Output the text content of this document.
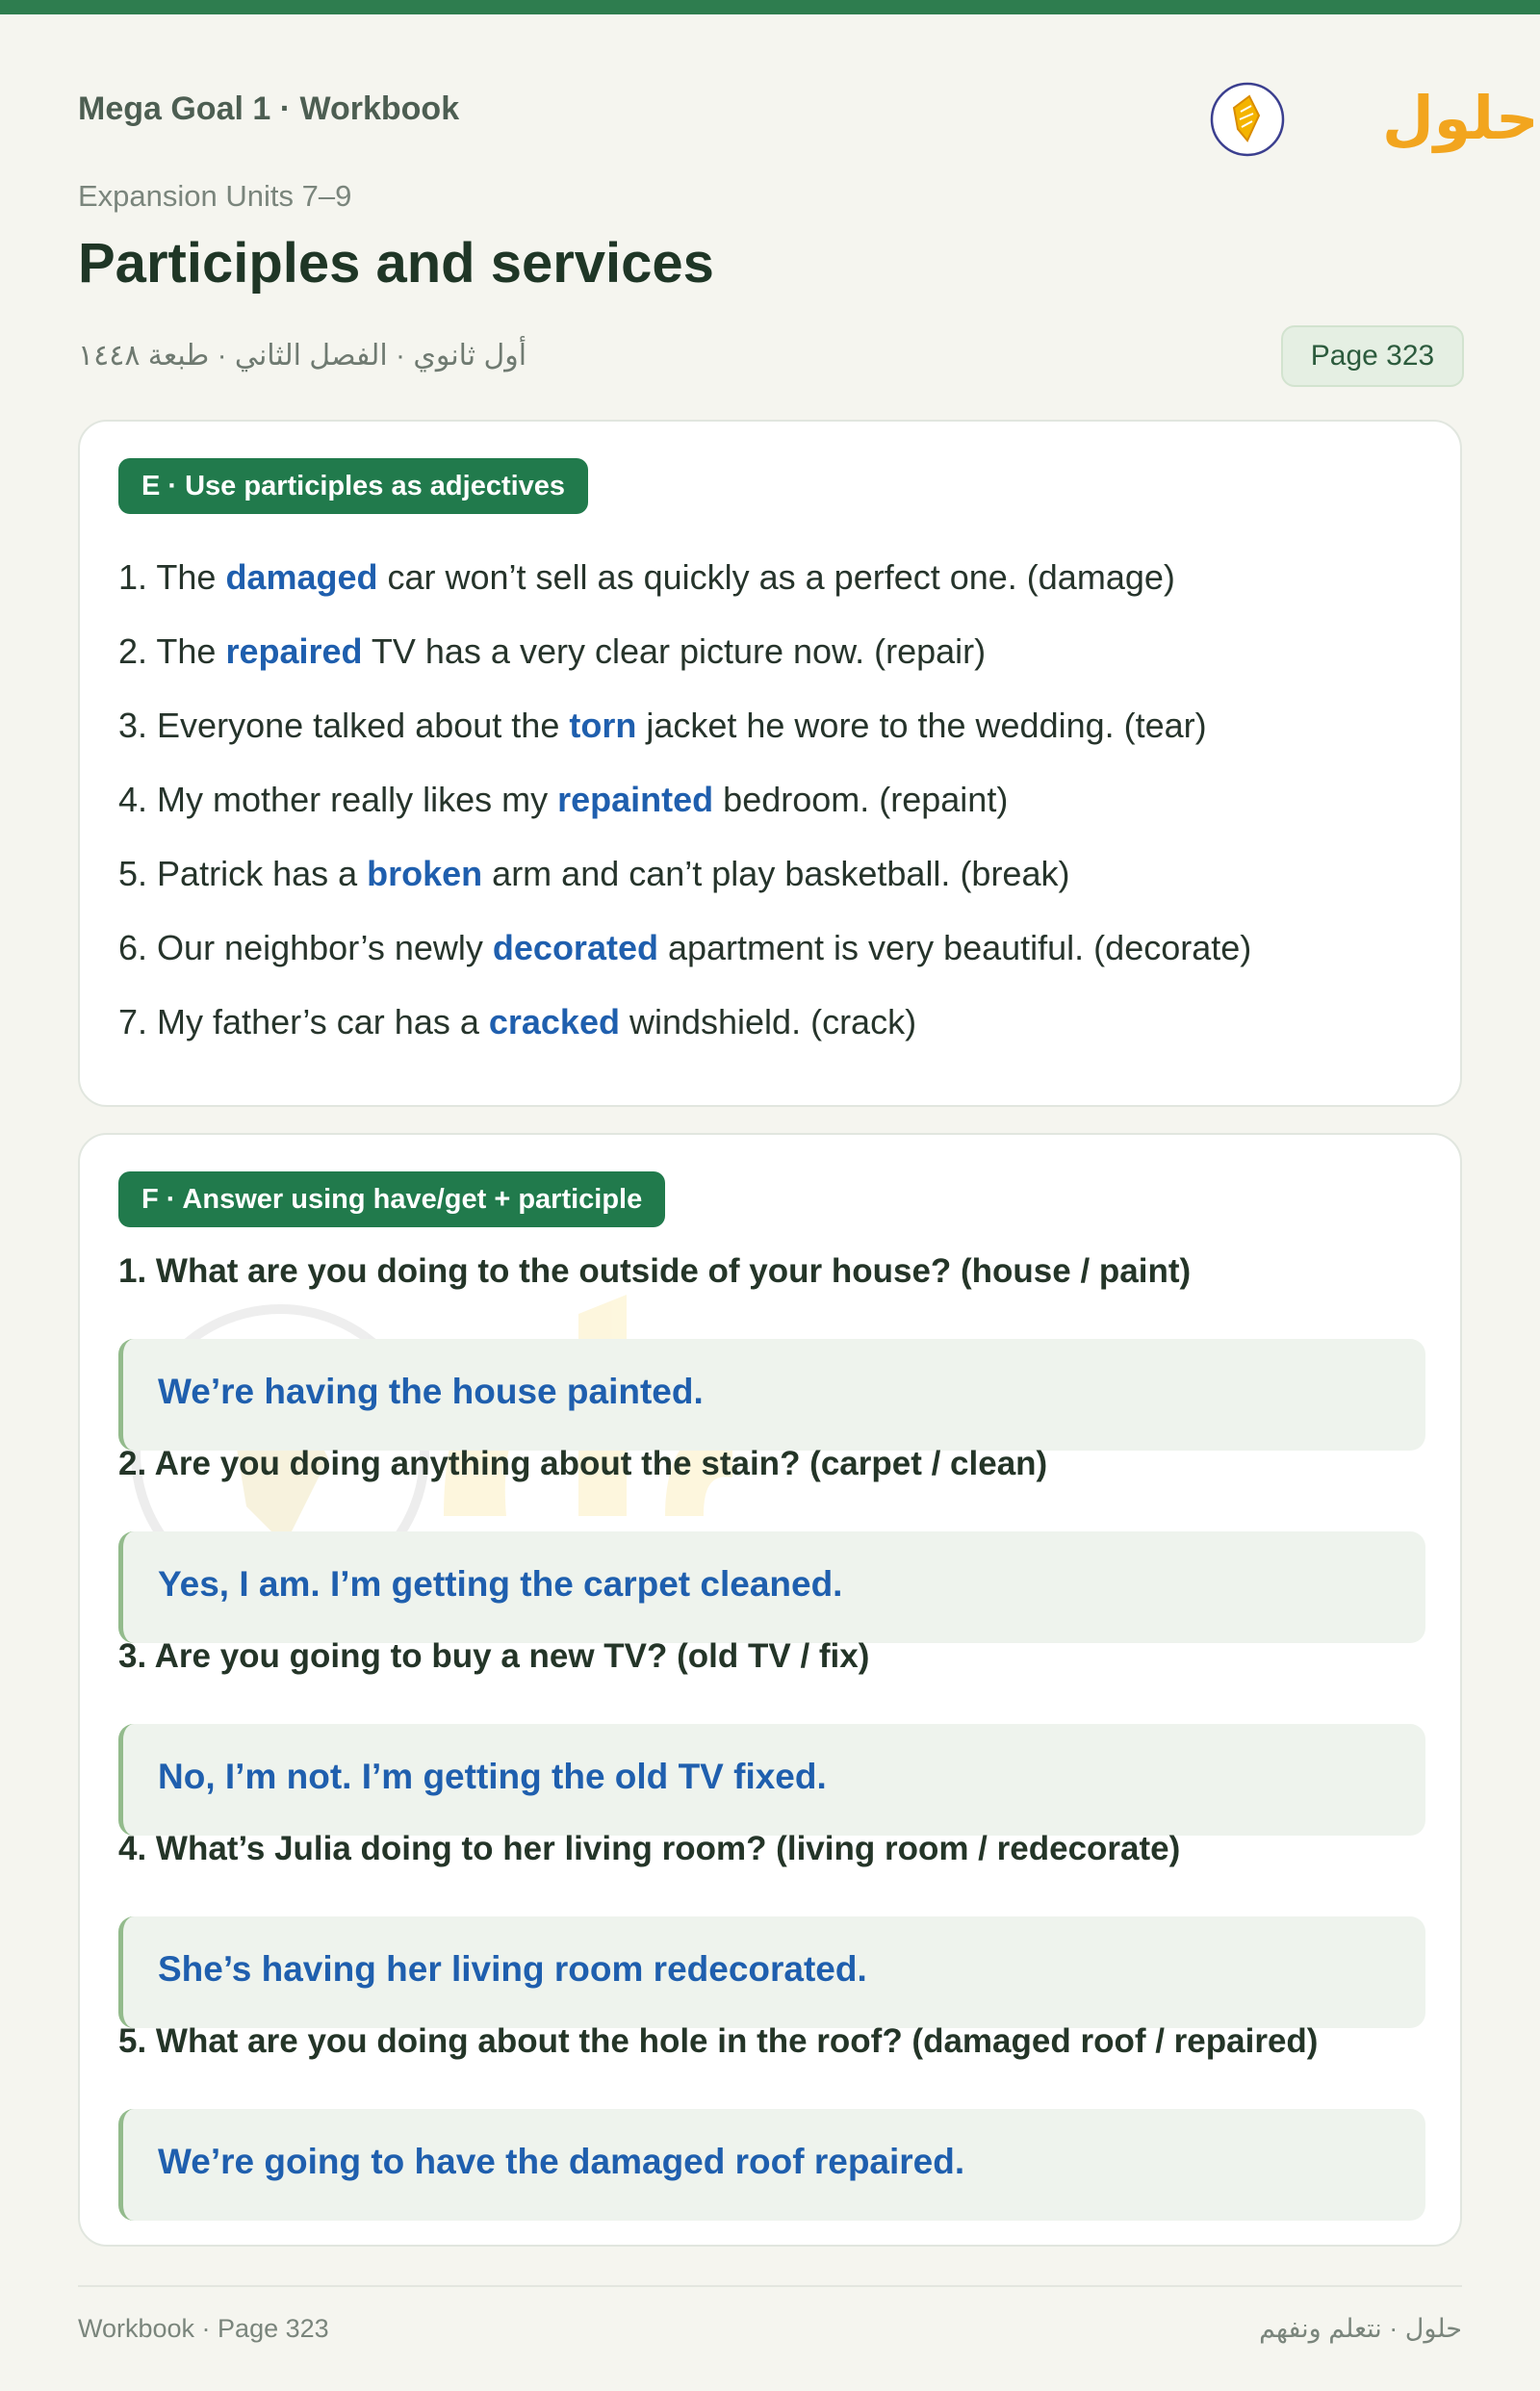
Mega Goal 1 · Workbook	حلول
Expansion Units 7–9
Participles and services
أول ثانوي · الفصل الثاني · طبعة ١٤٤٨	Page 323
E · Use participles as adjectives
1. The damaged car won’t sell as quickly as a perfect one. (damage)
2. The repaired TV has a very clear picture now. (repair)
3. Everyone talked about the torn jacket he wore to the wedding. (tear)
4. My mother really likes my repainted bedroom. (repaint)
5. Patrick has a broken arm and can’t play basketball. (break)
6. Our neighbor’s newly decorated apartment is very beautiful. (decorate)
7. My father’s car has a cracked windshield. (crack)
F · Answer using have/get + participle
1. What are you doing to the outside of your house? (house / paint)
We’re having the house painted.
2. Are you doing anything about the stain? (carpet / clean)
Yes, I am. I’m getting the carpet cleaned.
3. Are you going to buy a new TV? (old TV / fix)
No, I’m not. I’m getting the old TV fixed.
4. What’s Julia doing to her living room? (living room / redecorate)
She’s having her living room redecorated.
5. What are you doing about the hole in the roof? (damaged roof / repaired)
We’re going to have the damaged roof repaired.
Workbook · Page 323	حلول · نتعلم ونفهم
